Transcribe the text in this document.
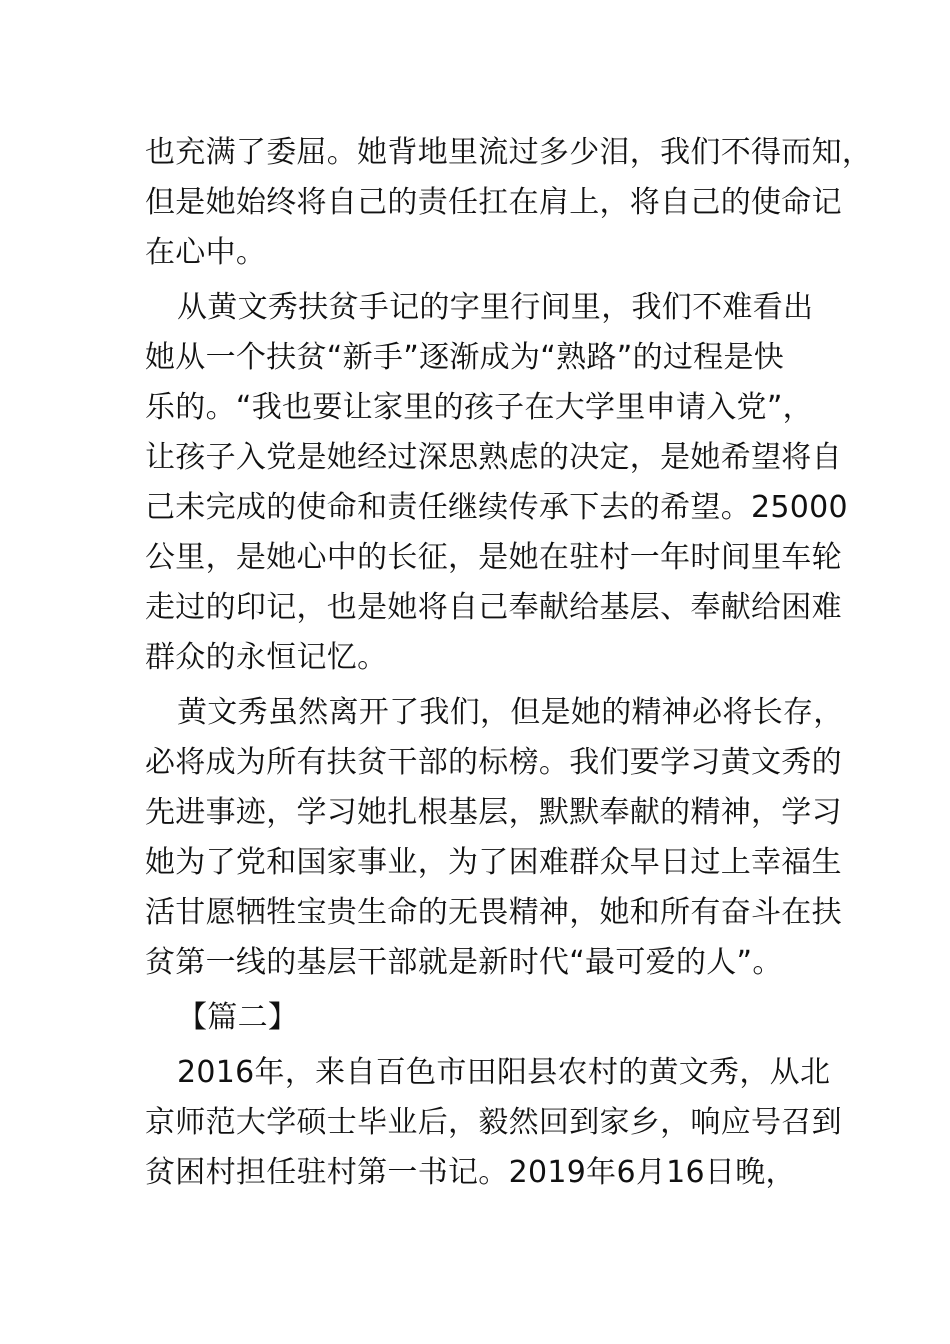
也充满了委屈。她背地里流过多少泪，我们不得而知，
但是她始终将自己的责任扛在肩上，将自己的使命记
在心中。
从黄文秀扶贫手记的字里行间里，我们不难看出
她从一个扶贫“新手”逐渐成为“熟路”的过程是快
乐的。“我也要让家里的孩子在大学里申请入党”，
让孩子入党是她经过深思熟虑的决定，是她希望将自
己未完成的使命和责任继续传承下去的希望。25000
公里，是她心中的长征，是她在驻村一年时间里车轮
走过的印记，也是她将自己奉献给基层、奉献给困难
群众的永恒记忆。
黄文秀虽然离开了我们，但是她的精神必将长存，
必将成为所有扶贫干部的标榜。我们要学习黄文秀的
先进事迹，学习她扎根基层，默默奉献的精神，学习
她为了党和国家事业，为了困难群众早日过上幸福生
活甘愿牺牲宝贵生命的无畏精神，她和所有奋斗在扶
贫第一线的基层干部就是新时代“最可爱的人”。
【篇二】
2016年，来自百色市田阳县农村的黄文秀，从北
京师范大学硕士毕业后，毅然回到家乡，响应号召到
贫困村担任驻村第一书记。2019年6月16日晚，
